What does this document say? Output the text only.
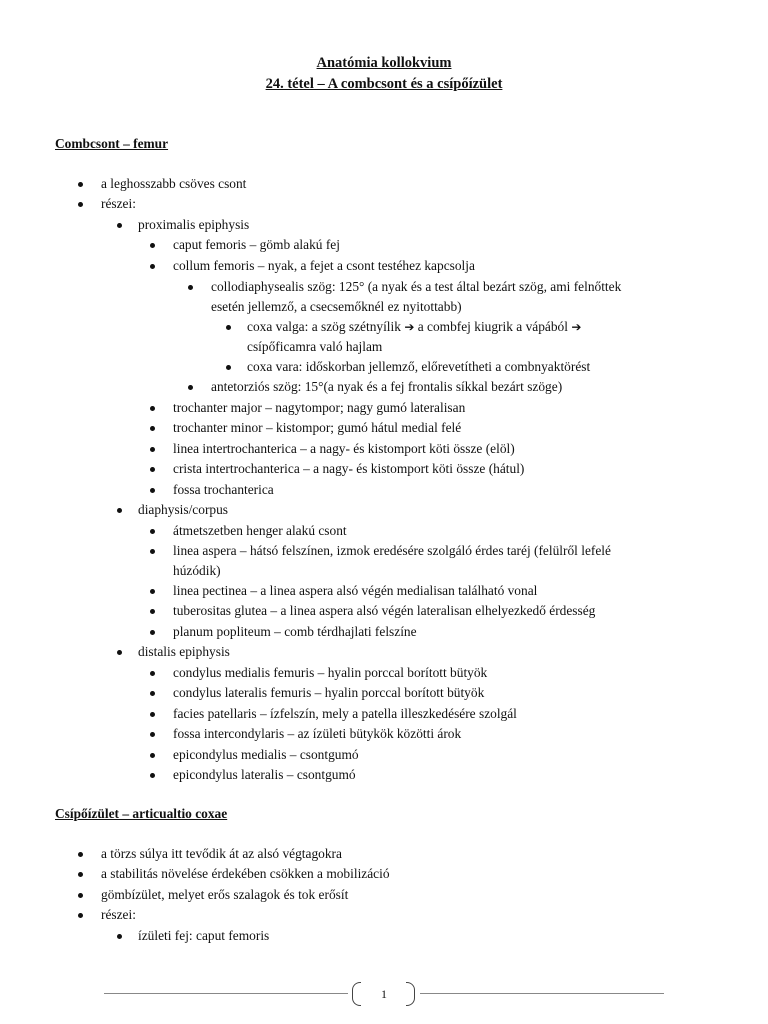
Anatómia kollokvium
24. tétel – A combcsont és a csípőízület
Combcsont – femur
a leghosszabb csöves csont
részei:
proximalis epiphysis
caput femoris – gömb alakú fej
collum femoris – nyak, a fejet a csont testéhez kapcsolja
collodiaphysealis szög: 125° (a nyak és a test által bezárt szög, ami felnőttek
esetén jellemző, a csecsemőknél ez nyitottabb)
coxa valga: a szög szétnyílik ➔ a combfej kiugrik a vápából ➔
csípőficamra való hajlam
coxa vara: időskorban jellemző, előrevetítheti a combnyaktörést
antetorziós szög: 15°(a nyak és a fej frontalis síkkal bezárt szöge)
trochanter major – nagytompor; nagy gumó lateralisan
trochanter minor – kistompor; gumó hátul medial felé
linea intertrochanterica – a nagy- és kistomport köti össze (elöl)
crista intertrochanterica – a nagy- és kistomport köti össze (hátul)
fossa trochanterica
diaphysis/corpus
átmetszetben henger alakú csont
linea aspera – hátsó felszínen, izmok eredésére szolgáló érdes taréj (felülről lefelé
húzódik)
linea pectinea – a linea aspera alsó végén medialisan található vonal
tuberositas glutea – a linea aspera alsó végén lateralisan elhelyezkedő érdesség
planum popliteum – comb térdhajlati felszíne
distalis epiphysis
condylus medialis femuris – hyalin porccal borított bütyök
condylus lateralis femuris – hyalin porccal borított bütyök
facies patellaris – ízfelszín, mely a patella illeszkedésére szolgál
fossa intercondylaris – az ízületi bütykök közötti árok
epicondylus medialis – csontgumó
epicondylus lateralis – csontgumó
Csípőízület – articualtio coxae
a törzs súlya itt tevődik át az alsó végtagokra
a stabilitás növelése érdekében csökken a mobilizáció
gömbízület, melyet erős szalagok és tok erősít
részei:
ízületi fej: caput femoris
1
